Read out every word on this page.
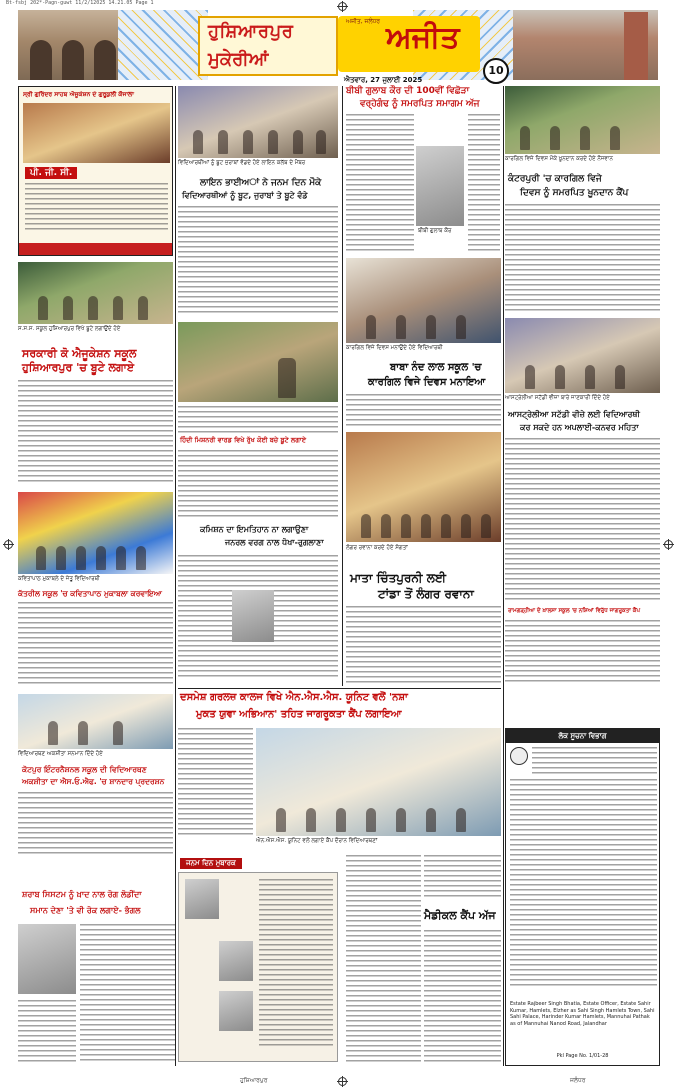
Bt-fsbj 202*-Pagn-guwt 11/2/12025 14.21.05 Page 1
ਹੁਸ਼ਿਆਰਪੁਰ
ਮੁਕੇਰੀਆਂ
ਅਜੀਤ, ਜਲੰਧਰ ਅਜੀਤ
ਐਤਵਾਰ, 27 ਜੁਲਾਈ 2025
10
ਸ੍ਰੀ ਗੁਰਿੰਦਰ ਸਾਹਬ ਐਜੂਕੇਸ਼ਨ ਦੇ ਗੁਰੂਕੁਲੀ ਕੌਜਾਲਾ
ਪੀ. ਜੀ. ਸੀ.
ਸ.ਸ.ਸ. ਸਕੂਲ ਹੁਸ਼ਿਆਰਪੁਰ ਵਿਖੇ ਬੂਟੇ ਲਗਾਉਂਦੇ ਹੋਏ
ਸਰਕਾਰੀ ਕੋ ਐਜੂਕੇਸ਼ਨ ਸਕੂਲ
ਹੁਸ਼ਿਆਰਪੁਰ 'ਚ ਬੂਟੇ ਲਗਾਏ
ਕਵਿਤਾਪਾਠ ਮੁਕਾਬਲੇ ਦੇ ਜੇਤੂ ਵਿਦਿਆਰਥੀ
ਕੱਤਰੀਲ ਸਕੂਲ 'ਚ ਕਵਿਤਾਪਾਠ ਮੁਕਾਬਲਾ ਕਰਵਾਇਆ
ਵਿਦਿਆਰਥਣ ਅਕਸ਼ੀਤਾ ਸਨਮਾਨ ਦਿੰਦੇ ਹੋਏ
ਕੋਟਪੁਰ ਇੰਟਰਨੈਸ਼ਨਲ ਸਕੂਲ ਦੀ ਵਿਦਿਆਰਥਣ
ਅਕਸ਼ੀਤਾ ਦਾ ਐਸ.ਓ.ਐਫ. 'ਚ ਸ਼ਾਨਦਾਰ ਪ੍ਰਦਰਸ਼ਨ
ਸ਼ਰਾਬ ਸਿਸਟਮ ਨੂੰ ਖ਼ਾਦ ਨਾਲ ਰੋਗ ਲੋਡੀਂਦਾ
ਸਮਾਨ ਦੇਣਾ 'ਤੇ ਵੀ ਰੋਕ ਲਗਾਏ- ਭੰਗਲ
ਵਿਦਿਆਰਥੀਆਂ ਨੂੰ ਬੂਟ ਜੁਰਾਬਾਂ ਵੰਡਦੇ ਹੋਏ ਲਾਇਨ ਕਲੱਬ ਦੇ ਮੈਂਬਰ
ਲਾਇਨ ਭਾਈਅਾਂ ਨੇ ਜਨਮ ਦਿਨ ਮੌਕੇ
ਵਿਦਿਆਰਥੀਆਂ ਨੂੰ ਬੂਟ, ਜੁਰਾਬਾਂ ਤੇ ਬੂਟੇ ਵੰਡੇ
ਹਿੰਦੀ ਮਿਸ਼ਨਰੀ ਵਾਰਡ ਵਿਖੇ ਰੁੱਖ ਕੋਈ ਬਚੇ ਬੂਟੇ ਲਗਾਏ
ਕਮਿਸ਼ਨ ਦਾ ਇਮਤਿਹਾਨ ਨਾ ਲਗਾਉਣਾ
ਜਨਰਲ ਵਰਗ ਨਾਲ ਧੋਖਾ-ਰੁਗਲਾਣਾ
ਦਸਮੇਸ਼ ਗਰਲਜ਼ ਕਾਲਜ ਵਿਖੇ ਐਨ.ਐਸ.ਐਸ. ਯੂਨਿਟ ਵਲੋਂ 'ਨਸ਼ਾ
ਮੁਕਤ ਯੁਵਾ ਅਭਿਆਨ' ਤਹਿਤ ਜਾਗਰੂਕਤਾ ਕੈਂਪ ਲਗਾਇਆ
ਐਨ.ਐਸ.ਐਸ. ਯੂਨਿਟ ਵਲੋਂ ਲਗਾਏ ਕੈਂਪ ਦੌਰਾਨ ਵਿਦਿਆਰਥਣਾਂ
ਜਨਮ ਦਿਨ ਮੁਬਾਰਕ
ਬੀਬੀ ਗੁਲਾਬ ਕੌਰ ਦੀ 100ਵੀਂ ਵਿਛੋੜਾ
ਵਰ੍ਹੇਗੰਢ ਨੂੰ ਸਮਰਪਿਤ ਸਮਾਗਮ ਅੱਜ
ਬੀਬੀ ਗੁਲਾਬ ਕੌਰ
ਕਾਰਗਿਲ ਵਿਜੇ ਦਿਵਸ ਮਨਾਉਂਦੇ ਹੋਏ ਵਿਦਿਆਰਥੀ
ਬਾਬਾ ਨੰਦ ਲਾਲ ਸਕੂਲ 'ਚ
ਕਾਰਗਿਲ ਵਿਜੇ ਦਿਵਸ ਮਨਾਇਆ
ਲੰਗਰ ਰਵਾਨਾ ਕਰਦੇ ਹੋਏ ਸੰਗਤਾਂ
ਮਾਤਾ ਚਿੰਤਪੁਰਨੀ ਲਈ
ਟਾਂਡਾ ਤੋਂ ਲੰਗਰ ਰਵਾਨਾ
ਮੈਡੀਕਲ ਕੈਂਪ ਅੱਜ
ਕਾਰਗਿਲ ਵਿਜੇ ਦਿਵਸ ਮੌਕੇ ਖ਼ੂਨਦਾਨ ਕਰਦੇ ਹੋਏ ਨੌਜਵਾਨ
ਕੰਟਰਪੁਰੀ 'ਚ ਕਾਰਗਿਲ ਵਿਜੇ
ਦਿਵਸ ਨੂੰ ਸਮਰਪਿਤ ਖ਼ੂਨਦਾਨ ਕੈਂਪ
ਆਸਟ੍ਰੇਲੀਆ ਸਟੱਡੀ ਵੀਜ਼ਾ ਬਾਰੇ ਜਾਣਕਾਰੀ ਦਿੰਦੇ ਹੋਏ
ਆਸਟ੍ਰੇਲੀਆ ਸਟੱਡੀ ਵੀਜ਼ੇ ਲਈ ਵਿਦਿਆਰਥੀ
ਕਰ ਸਕਦੇ ਹਨ ਅਪਲਾਈ-ਕਨਵਰ ਮਹਿਤਾ
ਰਾਮਗੜ੍ਹੀਆ ਦੇ ਖ਼ਾਲਸਾ ਸਕੂਲ 'ਚ ਨਸ਼ਿਆਂ ਵਿਰੁੱਧ ਜਾਗਰੂਕਤਾ ਕੈਂਪ
ਲੋਕ ਸੂਚਨਾ ਵਿਭਾਗ
Estate Rajbeer Singh Bhatia, Estate Officer, Estate Sahir Kumar, Hamlets, Elzher as Sahi Singh Hamlets Town, Sahi Sahi Palace, Harinder Kumar Hamlets, Mannuhai Pathak as of Mannuhai Nanod Road, Jalandhar
Pkl Page No. 1/01-28
ਹੁਸ਼ਿਆਰਪੁਰ	ਜਲੰਧਰ
